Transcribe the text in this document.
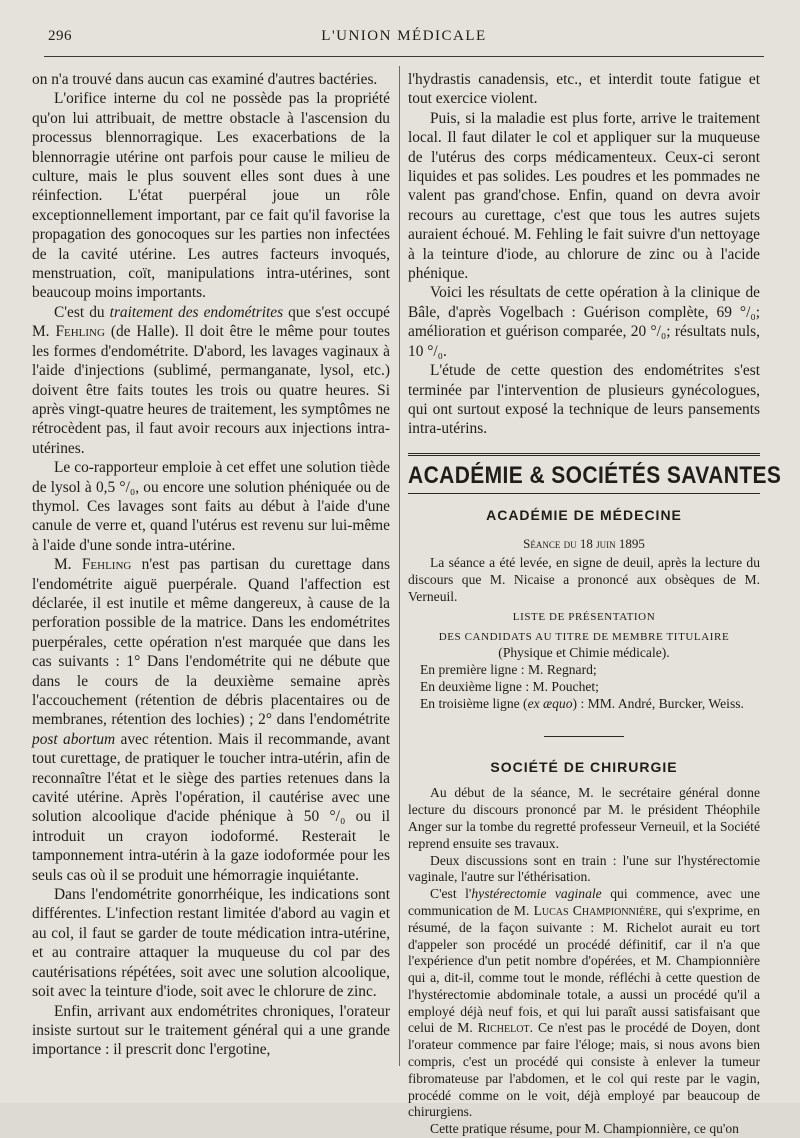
296	L'UNION MÉDICALE

on n'a trouvé dans aucun cas examiné d'autres bactéries.

L'orifice interne du col ne possède pas la propriété qu'on lui attribuait, de mettre obstacle à l'ascension du processus blennorragique. Les exacerbations de la blennorragie utérine ont parfois pour cause le milieu de culture, mais le plus souvent elles sont dues à une réinfection. L'état puerpéral joue un rôle exceptionnellement important, par ce fait qu'il favorise la propagation des gonocoques sur les parties non infectées de la cavité utérine. Les autres facteurs invoqués, menstruation, coït, manipulations intra-utérines, sont beaucoup moins importants.

C'est du traitement des endométrites que s'est occupé M. Fehling (de Halle). Il doit être le même pour toutes les formes d'endométrite. D'abord, les lavages vaginaux à l'aide d'injections (sublimé, permanganate, lysol, etc.) doivent être faits toutes les trois ou quatre heures. Si après vingt-quatre heures de traitement, les symptômes ne rétrocèdent pas, il faut avoir recours aux injections intra-utérines.

Le co-rapporteur emploie à cet effet une solution tiède de lysol à 0,5 °/₀, ou encore une solution phéniquée ou de thymol. Ces lavages sont faits au début à l'aide d'une canule de verre et, quand l'utérus est revenu sur lui-même à l'aide d'une sonde intra-utérine.

M. Fehling n'est pas partisan du curettage dans l'endométrite aiguë puerpérale. Quand l'affection est déclarée, il est inutile et même dangereux, à cause de la perforation possible de la matrice. Dans les endométrites puerpérales, cette opération n'est marquée que dans les cas suivants : 1° Dans l'endométrite qui ne débute que dans le cours de la deuxième semaine après l'accouchement (rétention de débris placentaires ou de membranes, rétention des lochies) ; 2° dans l'endométrite post abortum avec rétention. Mais il recommande, avant tout curettage, de pratiquer le toucher intra-utérin, afin de reconnaître l'état et le siège des parties retenues dans la cavité utérine. Après l'opération, il cautérise avec une solution alcoolique d'acide phénique à 50 °/₀ ou il introduit un crayon iodoformé. Resterait le tamponnement intra-utérin à la gaze iodoformée pour les seuls cas où il se produit une hémorragie inquiétante.

Dans l'endométrite gonorrhéique, les indications sont différentes. L'infection restant limitée d'abord au vagin et au col, il faut se garder de toute médication intra-utérine, et au contraire attaquer la muqueuse du col par des cautérisations répétées, soit avec une solution alcoolique, soit avec la teinture d'iode, soit avec le chlorure de zinc.

Enfin, arrivant aux endométrites chroniques, l'orateur insiste surtout sur le traitement général qui a une grande importance : il prescrit donc l'ergotine,

l'hydrastis canadensis, etc., et interdit toute fatigue et tout exercice violent.

Puis, si la maladie est plus forte, arrive le traitement local. Il faut dilater le col et appliquer sur la muqueuse de l'utérus des corps médicamenteux. Ceux-ci seront liquides et pas solides. Les poudres et les pommades ne valent pas grand'chose. Enfin, quand on devra avoir recours au curettage, c'est que tous les autres sujets auraient échoué. M. Fehling le fait suivre d'un nettoyage à la teinture d'iode, au chlorure de zinc ou à l'acide phénique.

Voici les résultats de cette opération à la clinique de Bâle, d'après Vogelbach : Guérison complète, 69 °/₀; amélioration et guérison comparée, 20 °/₀; résultats nuls, 10 °/₀.

L'étude de cette question des endométrites s'est terminée par l'intervention de plusieurs gynécologues, qui ont surtout exposé la technique de leurs pansements intra-utérins.

ACADÉMIE & SOCIÉTÉS SAVANTES
ACADÉMIE DE MÉDECINE
Séance du 18 juin 1895

La séance a été levée, en signe de deuil, après la lecture du discours que M. Nicaise a prononcé aux obsèques de M. Verneuil.

LISTE DE PRÉSENTATION
DES CANDIDATS AU TITRE DE MEMBRE TITULAIRE
(Physique et Chimie médicale).

En première ligne : M. Regnard;

En deuxième ligne : M. Pouchet;

En troisième ligne (ex æquo) : MM. André, Burcker, Weiss.

SOCIÉTÉ DE CHIRURGIE

Au début de la séance, M. le secrétaire général donne lecture du discours prononcé par M. le président Théophile Anger sur la tombe du regretté professeur Verneuil, et la Société reprend ensuite ses travaux.

Deux discussions sont en train : l'une sur l'hystérectomie vaginale, l'autre sur l'éthérisation.

C'est l'hystérectomie vaginale qui commence, avec une communication de M. Lucas Championnière, qui s'exprime, en résumé, de la façon suivante : M. Richelot aurait eu tort d'appeler son procédé un procédé définitif, car il n'a que l'expérience d'un petit nombre d'opérées, et M. Championnière qui a, dit-il, comme tout le monde, réfléchi à cette question de l'hystérectomie abdominale totale, a aussi un procédé qu'il a employé déjà neuf fois, et qui lui paraît aussi satisfaisant que celui de M. Richelot. Ce n'est pas le procédé de Doyen, dont l'orateur commence par faire l'éloge; mais, si nous avons bien compris, c'est un procédé qui consiste à enlever la tumeur fibromateuse par l'abdomen, et le col qui reste par le vagin, procédé comme on le voit, déjà employé par beaucoup de chirurgiens.

Cette pratique résume, pour M. Championnière, ce qu'on
